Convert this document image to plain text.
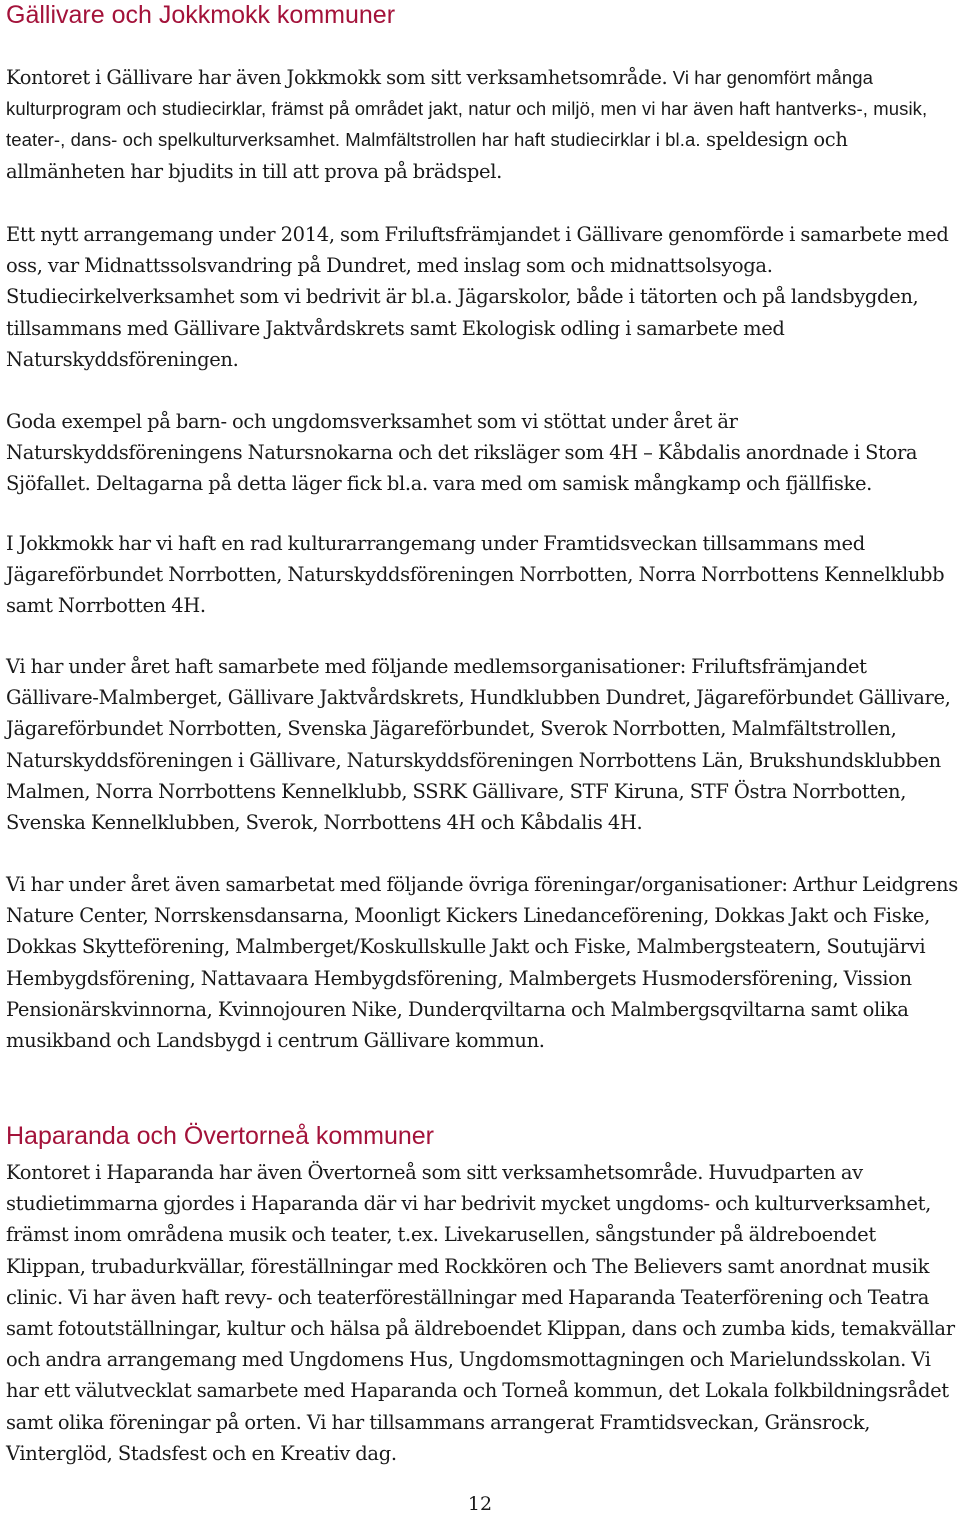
Gällivare och Jokkmokk kommuner

Kontoret i Gällivare har även Jokkmokk som sitt verksamhetsområde. Vi har genomfört många kulturprogram och studiecirklar, främst på området jakt, natur och miljö, men vi har även haft hantverks-, musik, teater-, dans- och spelkulturverksamhet. Malmfältstrollen har haft studiecirklar i bl.a. speldesign och allmänheten har bjudits in till att prova på brädspel.

Ett nytt arrangemang under 2014, som Friluftsfrämjandet i Gällivare genomförde i samarbete med oss, var Midnattssolsvandring på Dundret, med inslag som och midnattsolsyoga. Studiecirkelverksamhet som vi bedrivit är bl.a. Jägarskolor, både i tätorten och på landsbygden, tillsammans med Gällivare Jaktvårdskrets samt Ekologisk odling i samarbete med Naturskyddsföreningen.

Goda exempel på barn- och ungdomsverksamhet som vi stöttat under året är Naturskyddsföreningens Natursnokarna och det riksläger som 4H – Kåbdalis anordnade i Stora Sjöfallet. Deltagarna på detta läger fick bl.a. vara med om samisk mångkamp och fjällfiske.

I Jokkmokk har vi haft en rad kulturarrangemang under Framtidsveckan tillsammans med Jägareförbundet Norrbotten, Naturskyddsföreningen Norrbotten, Norra Norrbottens Kennelklubb samt Norrbotten 4H.

Vi har under året haft samarbete med följande medlemsorganisationer: Friluftsfrämjandet Gällivare-Malmberget, Gällivare Jaktvårdskrets, Hundklubben Dundret, Jägareförbundet Gällivare, Jägareförbundet Norrbotten, Svenska Jägareförbundet, Sverok Norrbotten, Malmfältstrollen, Naturskyddsföreningen i Gällivare, Naturskyddsföreningen Norrbottens Län, Brukshundsklubben Malmen, Norra Norrbottens Kennelklubb, SSRK Gällivare, STF Kiruna, STF Östra Norrbotten, Svenska Kennelklubben, Sverok, Norrbottens 4H och Kåbdalis 4H.

Vi har under året även samarbetat med följande övriga föreningar/organisationer: Arthur Leidgrens Nature Center, Norrskensdansarna, Moonligt Kickers Linedanceförening, Dokkas Jakt och Fiske, Dokkas Skytteförening, Malmberget/Koskullskulle Jakt och Fiske, Malmbergsteatern, Soutujärvi Hembygdsförening, Nattavaara Hembygdsförening, Malmbergets Husmodersförening, Vission Pensionärskvinnorna, Kvinnojouren Nike, Dunderqviltarna och Malmbergsqviltarna samt olika musikband och Landsbygd i centrum Gällivare kommun.

Haparanda och Övertorneå kommuner

Kontoret i Haparanda har även Övertorneå som sitt verksamhetsområde. Huvudparten av studietimmarna gjordes i Haparanda där vi har bedrivit mycket ungdoms- och kulturverksamhet, främst inom områdena musik och teater, t.ex. Livekarusellen, sångstunder på äldreboendet Klippan, trubadurkvällar, föreställningar med Rockkören och The Believers samt anordnat musik clinic. Vi har även haft revy- och teaterföreställningar med Haparanda Teaterförening och Teatra samt fotoutställningar, kultur och hälsa på äldreboendet Klippan, dans och zumba kids, temakvällar och andra arrangemang med Ungdomens Hus, Ungdomsmottagningen och Marielundsskolan. Vi har ett välutvecklat samarbete med Haparanda och Torneå kommun, det Lokala folkbildningsrådet samt olika föreningar på orten. Vi har tillsammans arrangerat Framtidsveckan, Gränsrock, Vinterglöd, Stadsfest och en Kreativ dag.

12
